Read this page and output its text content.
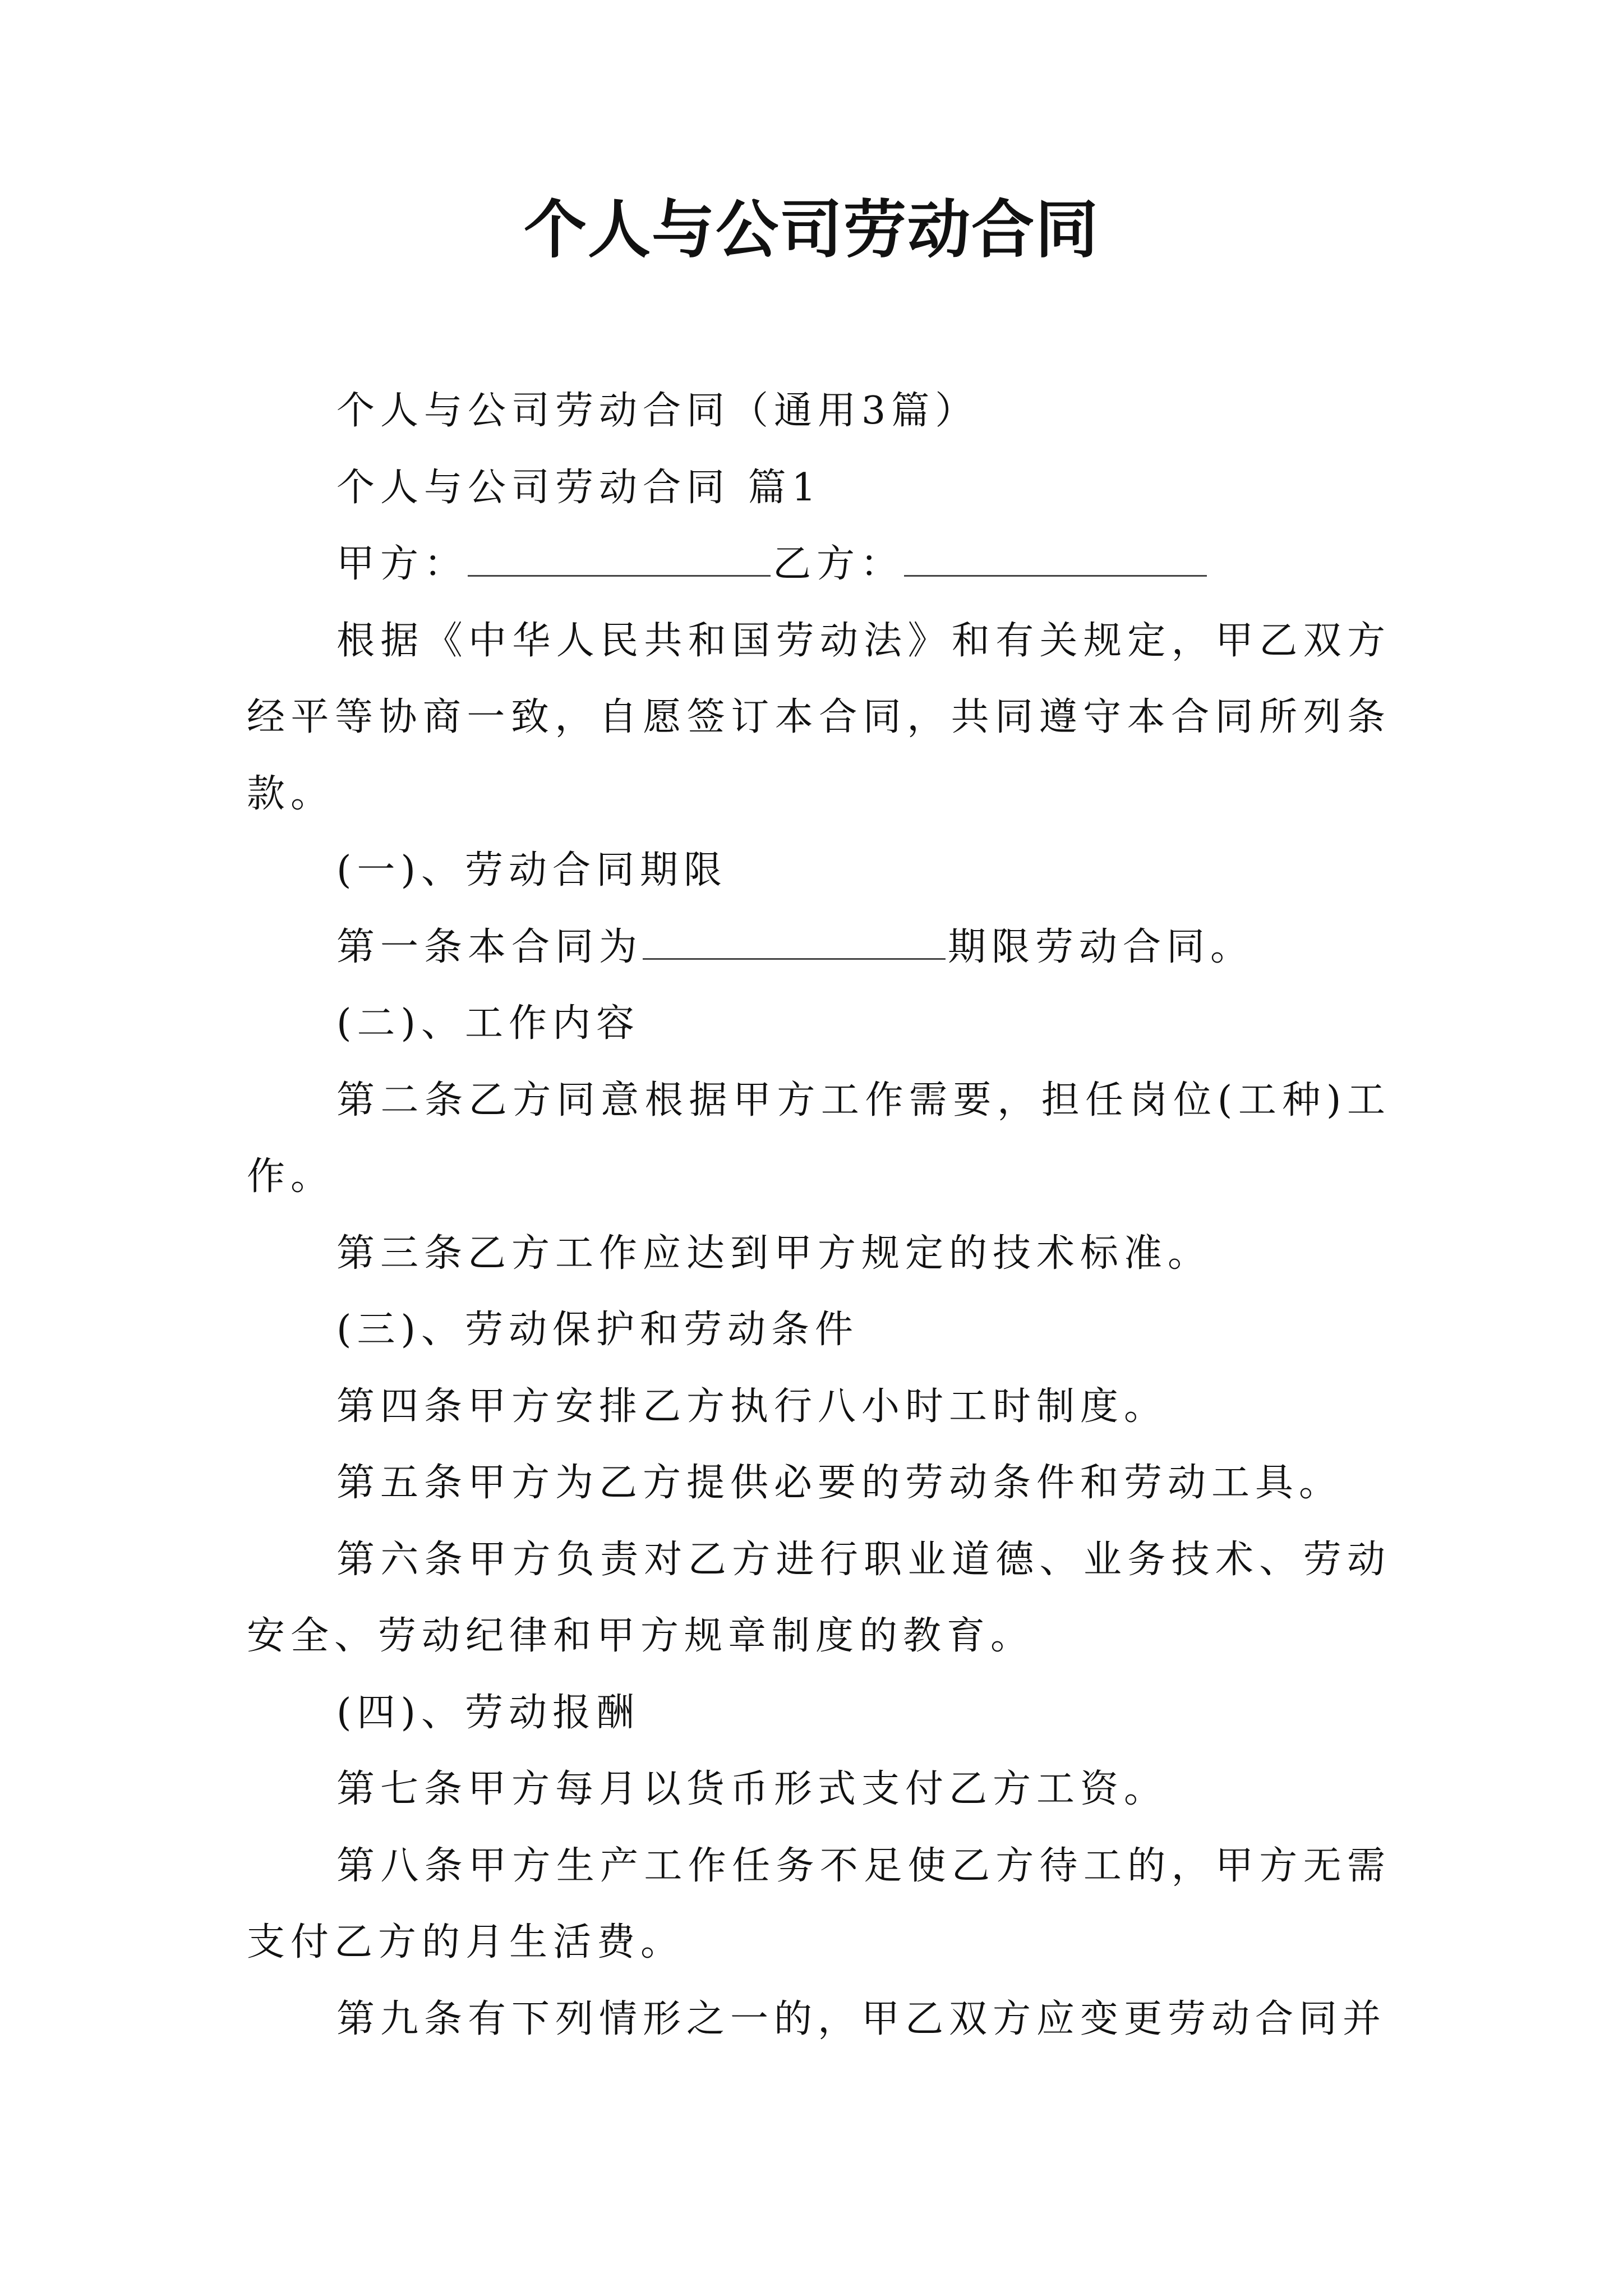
个人与公司劳动合同

个人与公司劳动合同（通用3篇）

个人与公司劳动合同 篇1

甲方：	乙方：

根据《中华人民共和国劳动法》和有关规定，甲乙双方经平等协商一致，自愿签订本合同，共同遵守本合同所列条款。

(一)、劳动合同期限

第一条本合同为	期限劳动合同。

(二)、工作内容

第二条乙方同意根据甲方工作需要，担任岗位(工种)工作。

第三条乙方工作应达到甲方规定的技术标准。

(三)、劳动保护和劳动条件

第四条甲方安排乙方执行八小时工时制度。

第五条甲方为乙方提供必要的劳动条件和劳动工具。

第六条甲方负责对乙方进行职业道德、业务技术、劳动安全、劳动纪律和甲方规章制度的教育。

(四)、劳动报酬

第七条甲方每月以货币形式支付乙方工资。

第八条甲方生产工作任务不足使乙方待工的，甲方无需支付乙方的月生活费。

第九条有下列情形之一的，甲乙双方应变更劳动合同并
